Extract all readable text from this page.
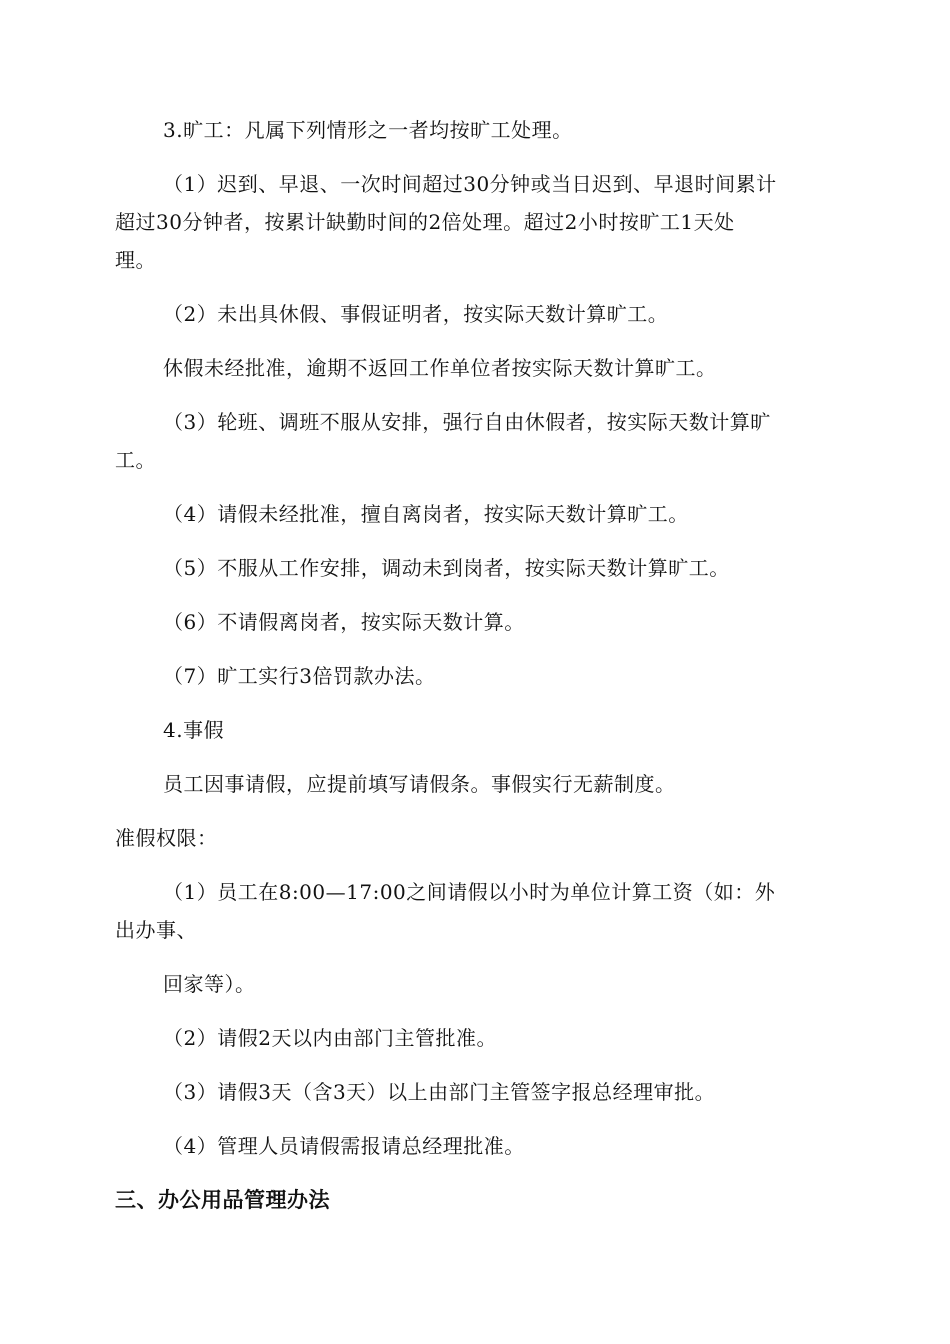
3.旷工：凡属下列情形之一者均按旷工处理。

（1）迟到、早退、一次时间超过30分钟或当日迟到、早退时间累计

超过30分钟者，按累计缺勤时间的2倍处理。超过2小时按旷工1天处

理。

（2）未出具休假、事假证明者，按实际天数计算旷工。

休假未经批准，逾期不返回工作单位者按实际天数计算旷工。

（3）轮班、调班不服从安排，强行自由休假者，按实际天数计算旷

工。

（4）请假未经批准，擅自离岗者，按实际天数计算旷工。

（5）不服从工作安排，调动未到岗者，按实际天数计算旷工。

（6）不请假离岗者，按实际天数计算。

（7）旷工实行3倍罚款办法。

4.事假

员工因事请假，应提前填写请假条。事假实行无薪制度。

准假权限：

（1）员工在8:00—17:00之间请假以小时为单位计算工资（如：外

出办事、

回家等）。

（2）请假2天以内由部门主管批准。

（3）请假3天（含3天）以上由部门主管签字报总经理审批。

（4）管理人员请假需报请总经理批准。

三、办公用品管理办法
